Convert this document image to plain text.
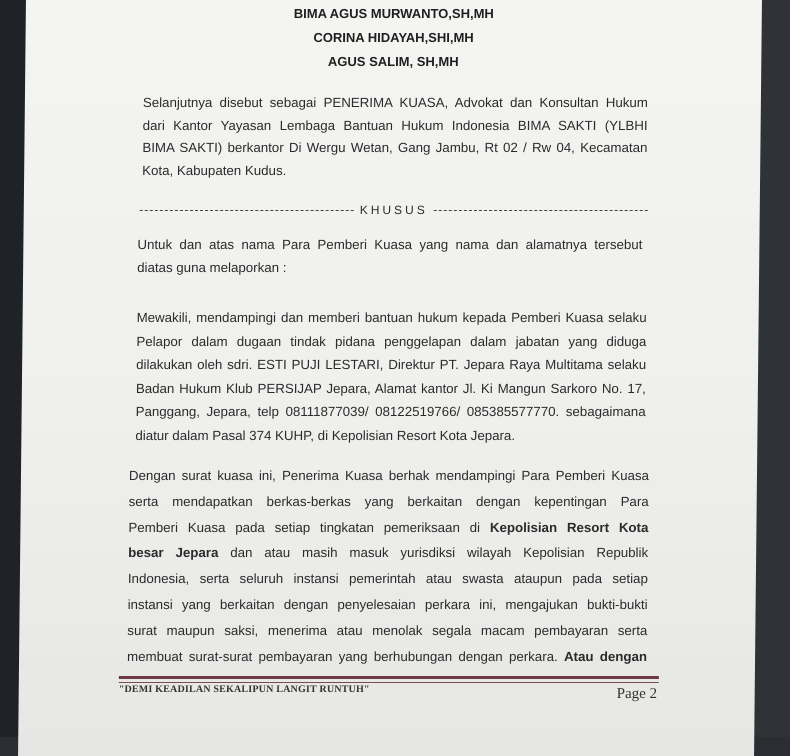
BIMA AGUS MURWANTO,SH,MH
CORINA HIDAYAH,SHI,MH
AGUS SALIM, SH,MH
Selanjutnya disebut sebagai PENERIMA KUASA, Advokat dan Konsultan Hukum
dari Kantor Yayasan Lembaga Bantuan Hukum Indonesia BIMA SAKTI (YLBHI
BIMA SAKTI) berkantor Di Wergu Wetan, Gang Jambu, Rt 02 / Rw 04, Kecamatan
Kota, Kabupaten Kudus.
KHUSUS
Untuk dan atas nama Para Pemberi Kuasa yang nama dan alamatnya tersebut
diatas guna melaporkan :
Mewakili, mendampingi dan memberi bantuan hukum kepada Pemberi Kuasa selaku
Pelapor dalam dugaan tindak pidana penggelapan dalam jabatan yang diduga
dilakukan oleh sdri. ESTI PUJI LESTARI, Direktur PT. Jepara Raya Multitama selaku
Badan Hukum Klub PERSIJAP Jepara, Alamat kantor Jl. Ki Mangun Sarkoro No. 17,
Panggang, Jepara, telp 08111877039/ 08122519766/ 085385577770. sebagaimana
diatur dalam Pasal 374 KUHP, di Kepolisian Resort Kota Jepara.
Dengan surat kuasa ini, Penerima Kuasa berhak mendampingi Para Pemberi Kuasa
serta mendapatkan berkas-berkas yang berkaitan dengan kepentingan Para
Pemberi Kuasa pada setiap tingkatan pemeriksaan di Kepolisian Resort Kota
besar Jepara dan atau masih masuk yurisdiksi wilayah Kepolisian Republik
Indonesia, serta seluruh instansi pemerintah atau swasta ataupun pada setiap
instansi yang berkaitan dengan penyelesaian perkara ini, mengajukan bukti-bukti
surat maupun saksi, menerima atau menolak segala macam pembayaran serta
membuat surat-surat pembayaran yang berhubungan dengan perkara. Atau dengan
"DEMI KEADILAN SEKALIPUN LANGIT RUNTUH"	Page 2
